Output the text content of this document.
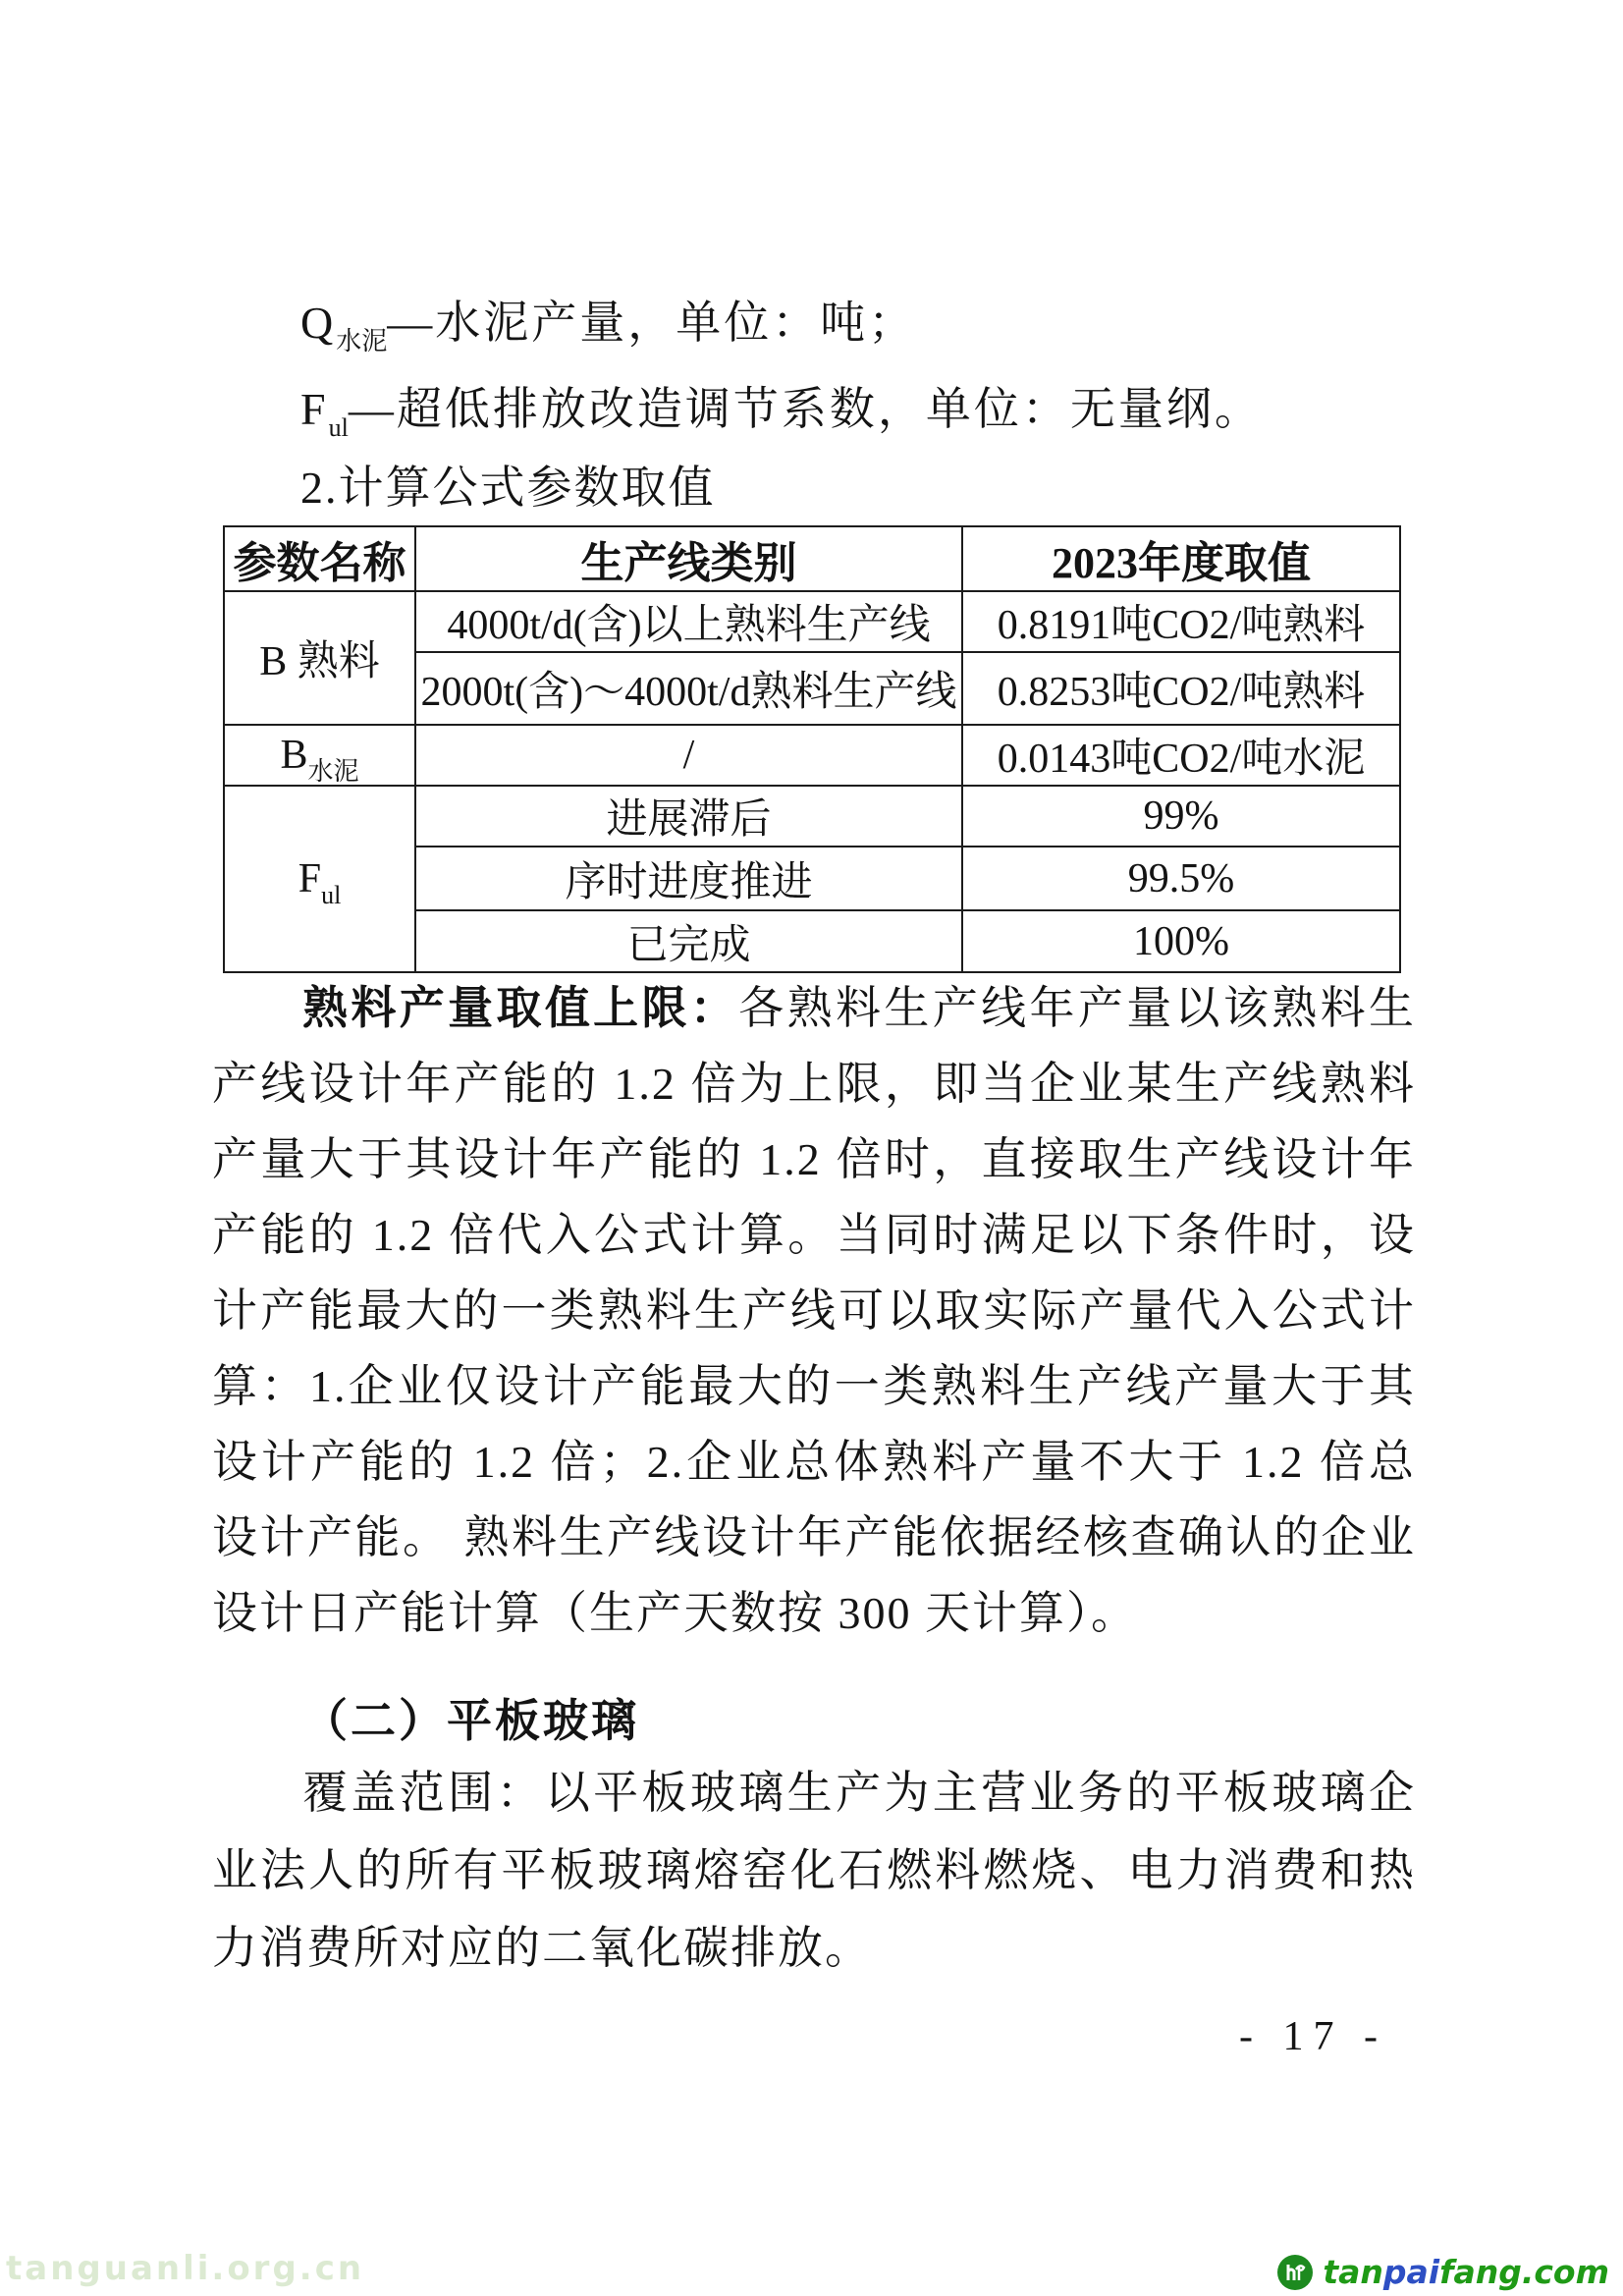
$Q_{水泥}—$水泥产量，单位：吨；
$F_{ul}—$超低排放改造调节系数，单位：无量纲。
2.计算公式参数取值
参数名称	生产线类别	2023年度取值
B 熟料	4000t/d(含)以上熟料生产线	0.8191吨CO2/吨熟料
	2000t(含)～4000t/d熟料生产线	0.8253吨CO2/吨熟料
$B_{水泥}$	/	0.0143吨CO2/吨水泥
$F_{ul}$	进展滞后	99%
	序时进度推进	99.5%
	已完成	100%
熟料产量取值上限：各熟料生产线年产量以该熟料生产线设计年产能的 1.2 倍为上限，即当企业某生产线熟料产量大于其设计年产能的 1.2 倍时，直接取生产线设计年产能的 1.2 倍代入公式计算。当同时满足以下条件时，设计产能最大的一类熟料生产线可以取实际产量代入公式计算：1.企业仅设计产能最大的一类熟料生产线产量大于其设计产能的 1.2 倍；2.企业总体熟料产量不大于 1.2 倍总设计产能。 熟料生产线设计年产能依据经核查确认的企业设计日产能计算（生产天数按 300 天计算）。
（二）平板玻璃
覆盖范围：以平板玻璃生产为主营业务的平板玻璃企业法人的所有平板玻璃熔窑化石燃料燃烧、电力消费和热力消费所对应的二氧化碳排放。
- 17 -
tanguanli.org.cn	tanpaifang.com
